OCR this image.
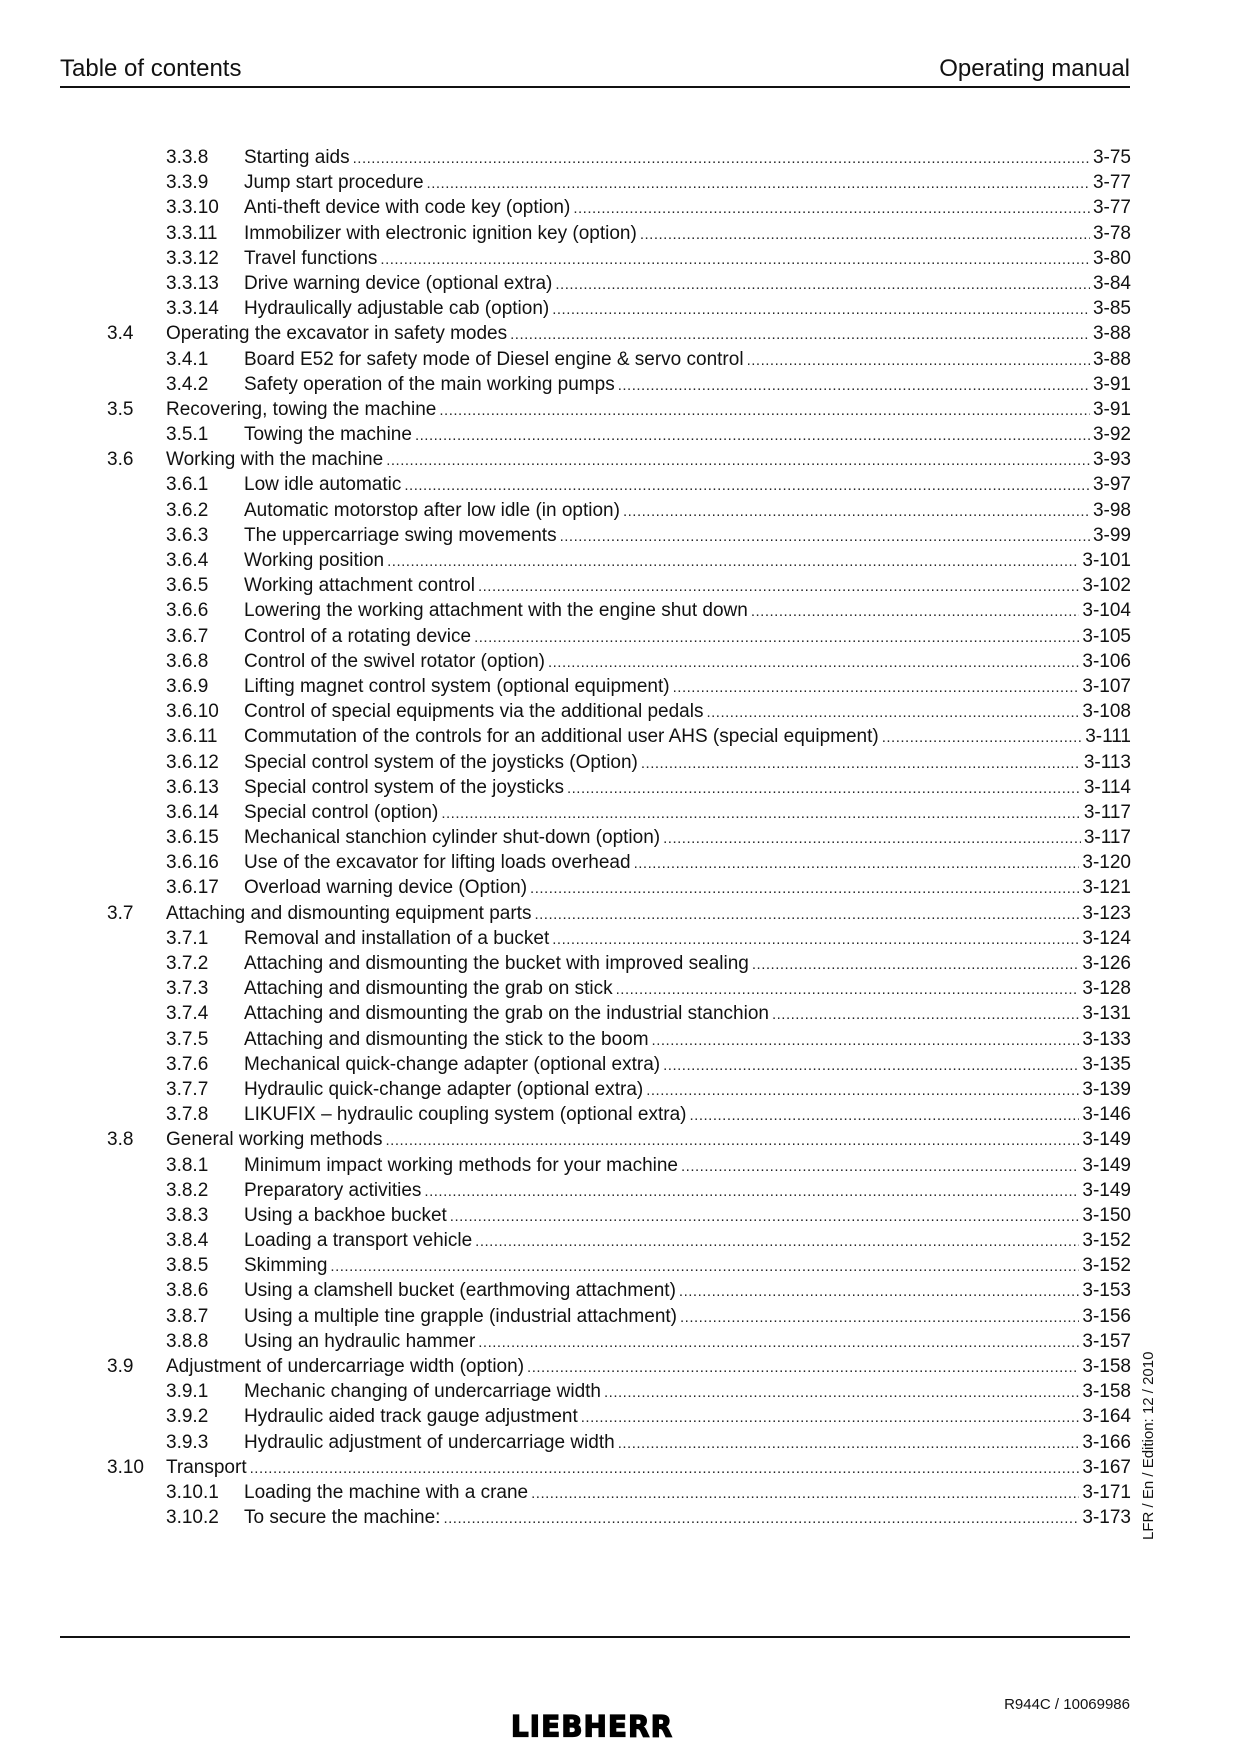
Table of contents	Operating manual
3.3.8 Starting aids .....	3-75
3.3.9 Jump start procedure .....	3-77
3.3.10 Anti-theft device with code key (option) .....	3-77
3.3.11 Immobilizer with electronic ignition key (option) .....	3-78
3.3.12 Travel functions .....	3-80
3.3.13 Drive warning device (optional extra) .....	3-84
3.3.14 Hydraulically adjustable cab (option) .....	3-85
3.4 Operating the excavator in safety modes .....	3-88
3.4.1 Board E52 for safety mode of Diesel engine & servo control .....	3-88
3.4.2 Safety operation of the main working pumps .....	3-91
3.5 Recovering, towing the machine .....	3-91
3.5.1 Towing the machine .....	3-92
3.6 Working with the machine .....	3-93
3.6.1 Low idle automatic .....	3-97
3.6.2 Automatic motorstop after low idle (in option) .....	3-98
3.6.3 The uppercarriage swing movements .....	3-99
3.6.4 Working position .....	3-101
3.6.5 Working attachment control .....	3-102
3.6.6 Lowering the working attachment with the engine shut down .....	3-104
3.6.7 Control of a rotating device .....	3-105
3.6.8 Control of the swivel rotator (option) .....	3-106
3.6.9 Lifting magnet control system (optional equipment) .....	3-107
3.6.10 Control of special equipments via the additional pedals .....	3-108
3.6.11 Commutation of the controls for an additional user AHS (special equipment) .....	3-111
3.6.12 Special control system of the joysticks (Option) .....	3-113
3.6.13 Special control system of the joysticks .....	3-114
3.6.14 Special control (option) .....	3-117
3.6.15 Mechanical stanchion cylinder shut-down (option) .....	3-117
3.6.16 Use of the excavator for lifting loads overhead .....	3-120
3.6.17 Overload warning device (Option) .....	3-121
3.7 Attaching and dismounting equipment parts .....	3-123
3.7.1 Removal and installation of a bucket .....	3-124
3.7.2 Attaching and dismounting the bucket with improved sealing .....	3-126
3.7.3 Attaching and dismounting the grab on stick .....	3-128
3.7.4 Attaching and dismounting the grab on the industrial stanchion .....	3-131
3.7.5 Attaching and dismounting the stick to the boom .....	3-133
3.7.6 Mechanical quick-change adapter (optional extra) .....	3-135
3.7.7 Hydraulic quick-change adapter (optional extra) .....	3-139
3.7.8 LIKUFIX – hydraulic coupling system (optional extra) .....	3-146
3.8 General working methods .....	3-149
3.8.1 Minimum impact working methods for your machine .....	3-149
3.8.2 Preparatory activities .....	3-149
3.8.3 Using a backhoe bucket .....	3-150
3.8.4 Loading a transport vehicle .....	3-152
3.8.5 Skimming .....	3-152
3.8.6 Using a clamshell bucket (earthmoving attachment) .....	3-153
3.8.7 Using a multiple tine grapple (industrial attachment) .....	3-156
3.8.8 Using an hydraulic hammer .....	3-157
3.9 Adjustment of undercarriage width (option) .....	3-158
3.9.1 Mechanic changing of undercarriage width .....	3-158
3.9.2 Hydraulic aided track gauge adjustment .....	3-164
3.9.3 Hydraulic adjustment of undercarriage width .....	3-166
3.10 Transport .....	3-167
3.10.1 Loading the machine with a crane .....	3-171
3.10.2 To secure the machine: .....	3-173 LFR / En / Edition: 12 / 2010
R944C / 10069986
LIEBHERR
